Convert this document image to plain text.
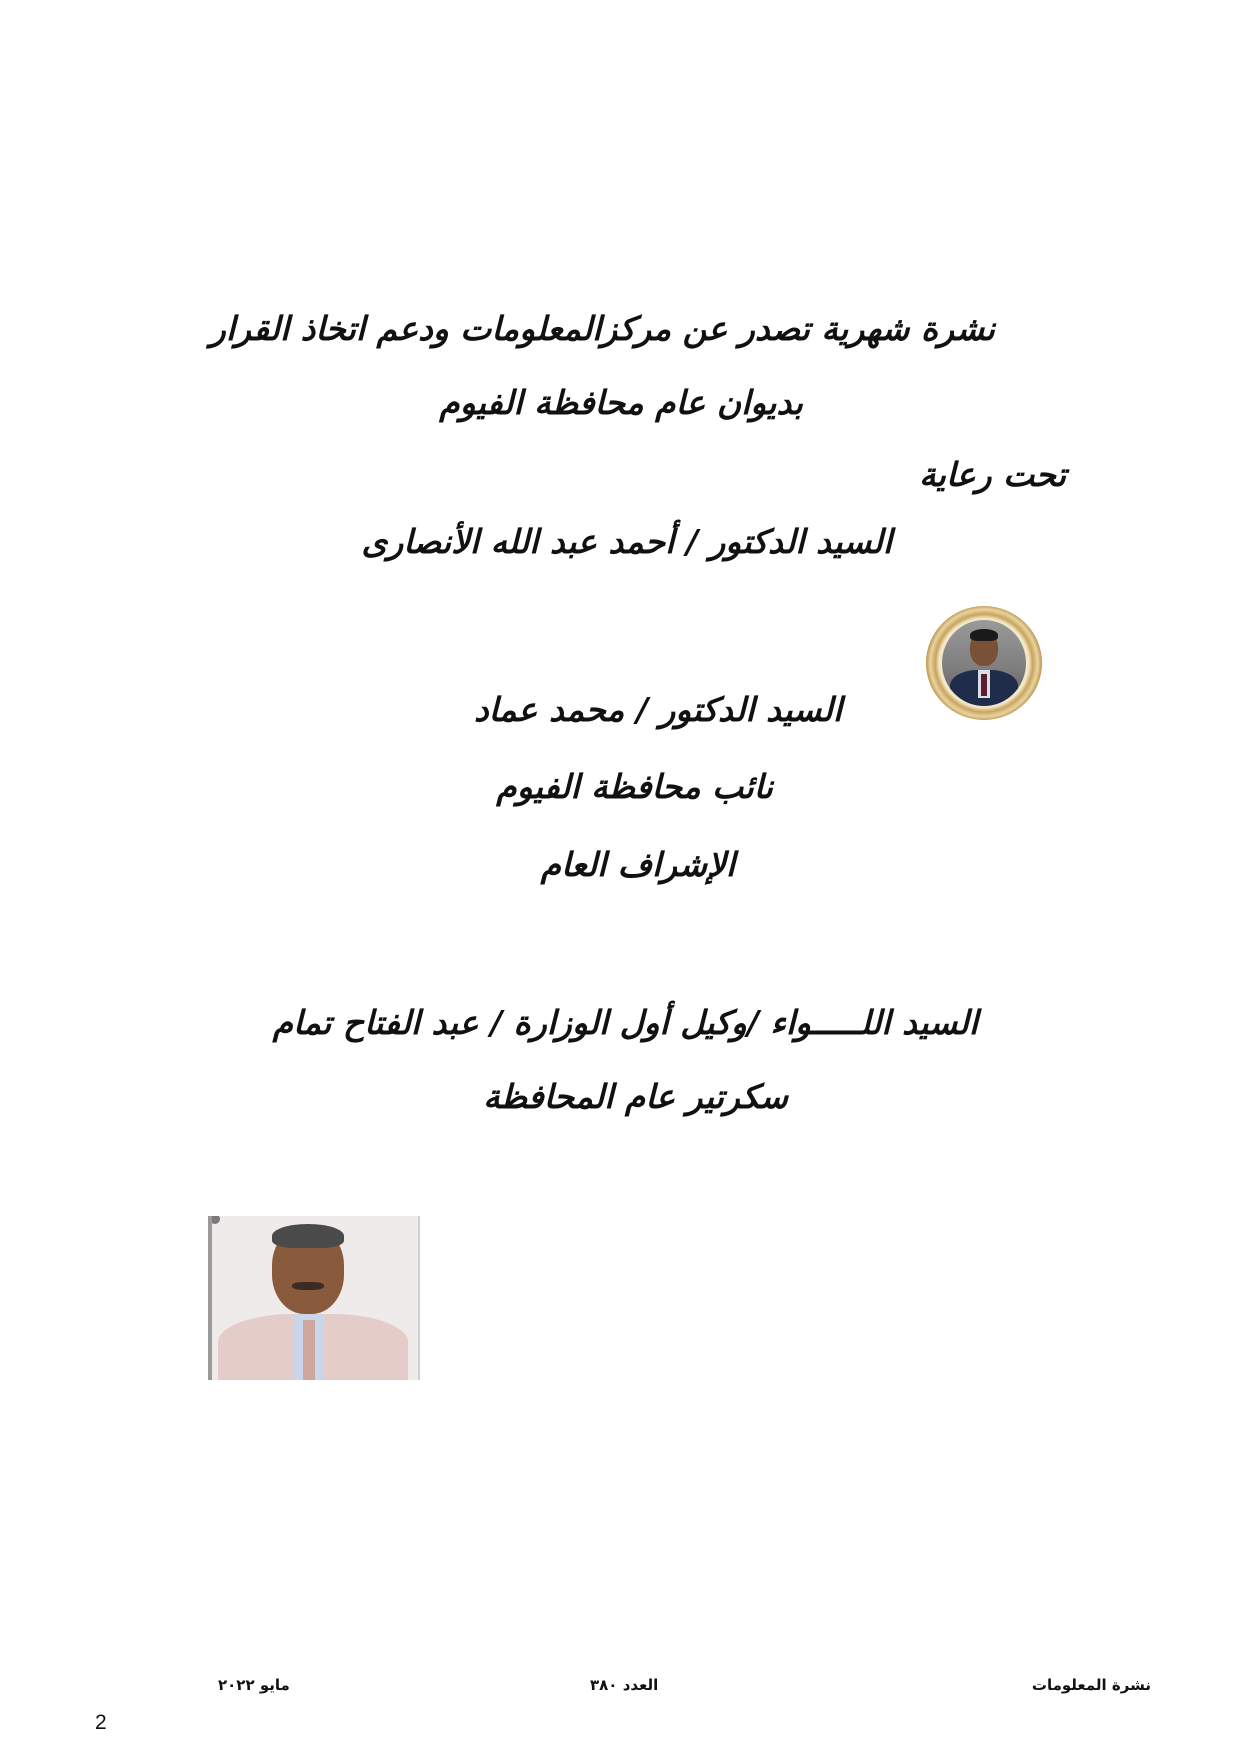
نشرة شهرية تصدر عن مركزالمعلومات ودعم اتخاذ القرار
بديوان عام محافظة الفيوم
تحت رعاية
السيد الدكتور / أحمد عبد الله الأنصارى
السيد الدكتور / محمد عماد
نائب محافظة الفيوم
الإشراف العام
السيد اللـــــواء /وكيل أول الوزارة / عبد الفتاح تمام
سكرتير عام المحافظة
نشرة المعلومات
العدد ٣٨٠
مايو ٢٠٢٢
2
